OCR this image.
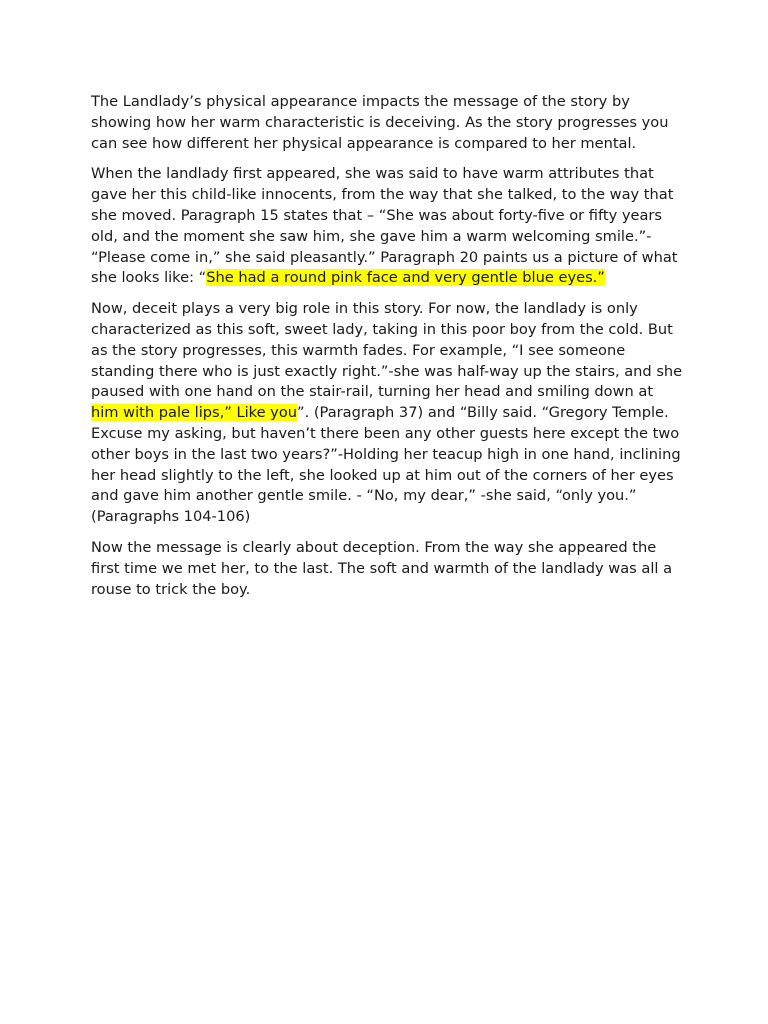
The Landlady’s physical appearance impacts the message of the story by showing how her warm characteristic is deceiving. As the story progresses you can see how different her physical appearance is compared to her mental.

When the landlady first appeared, she was said to have warm attributes that gave her this child-like innocents, from the way that she talked, to the way that she moved. Paragraph 15 states that – “She was about forty-five or fifty years old, and the moment she saw him, she gave him a warm welcoming smile.”- “Please come in,” she said pleasantly.” Paragraph 20 paints us a picture of what she looks like: “She had a round pink face and very gentle blue eyes.”

Now, deceit plays a very big role in this story. For now, the landlady is only characterized as this soft, sweet lady, taking in this poor boy from the cold. But as the story progresses, this warmth fades. For example, “I see someone standing there who is just exactly right.”-she was half-way up the stairs, and she paused with one hand on the stair-rail, turning her head and smiling down at him with pale lips,” Like you”. (Paragraph 37) and “Billy said. “Gregory Temple. Excuse my asking, but haven’t there been any other guests here except the two other boys in the last two years?”-Holding her teacup high in one hand, inclining her head slightly to the left, she looked up at him out of the corners of her eyes and gave him another gentle smile. - “No, my dear,” -she said, “only you.” (Paragraphs 104-106)

Now the message is clearly about deception. From the way she appeared the first time we met her, to the last. The soft and warmth of the landlady was all a rouse to trick the boy.
